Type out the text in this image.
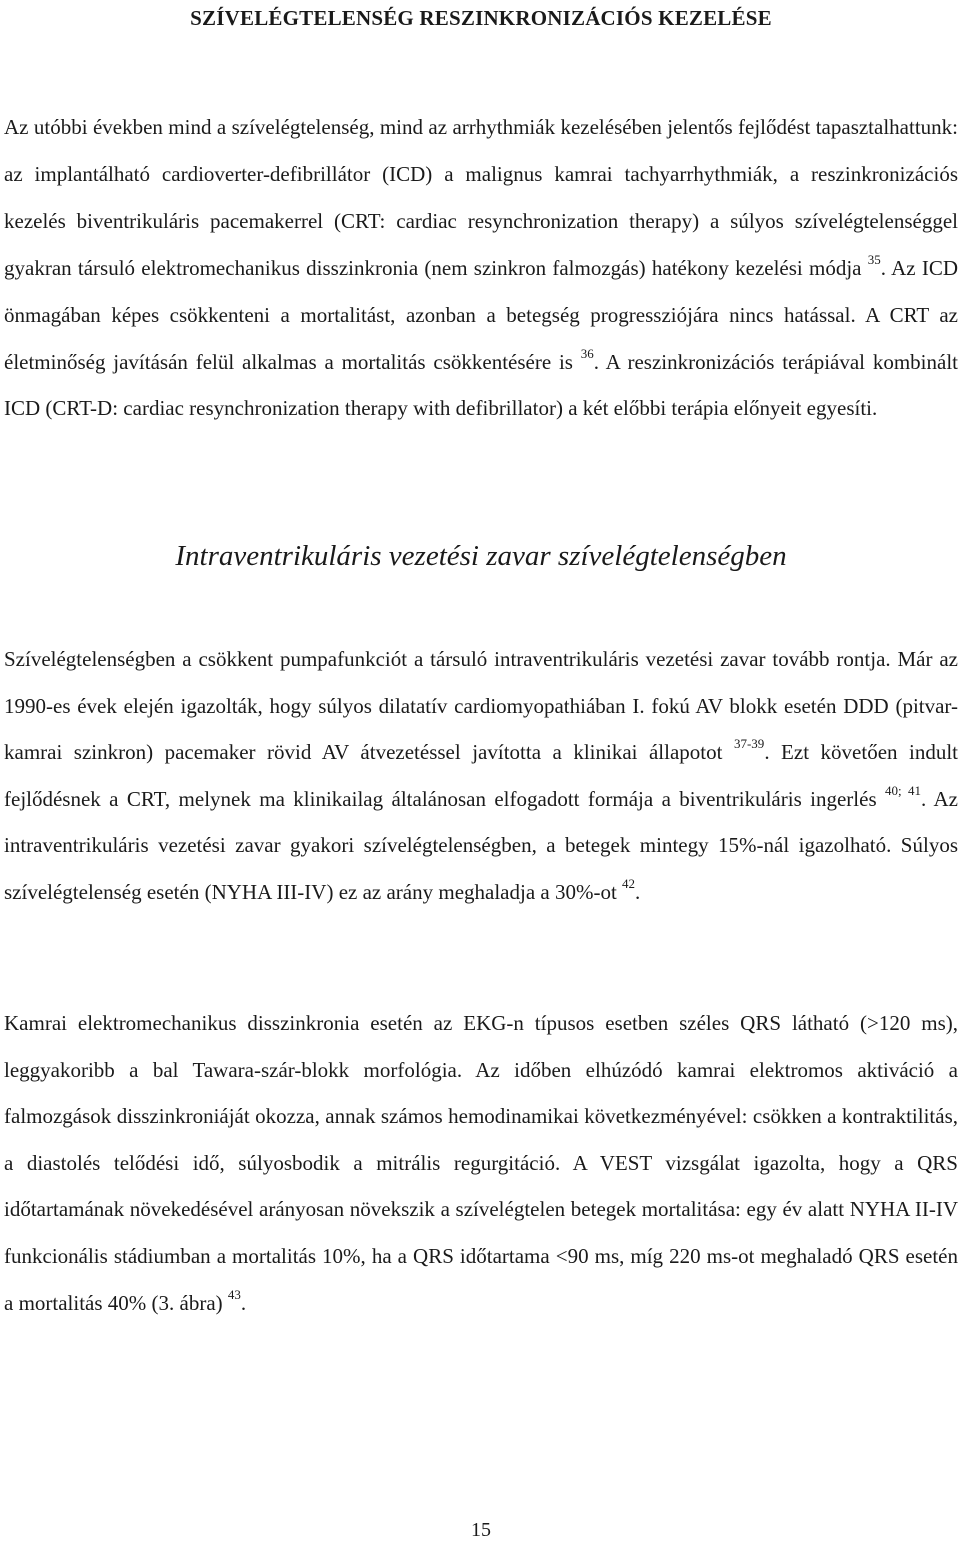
SZÍVELÉGTELENSÉG RESZINKRONIZÁCIÓS KEZELÉSE

Az utóbbi években mind a szívelégtelenség, mind az arrhythmiák kezelésében jelentős fejlődést tapasztalhattunk: az implantálható cardioverter-defibrillátor (ICD) a malignus kamrai tachyarrhythmiák, a reszinkronizációs kezelés biventrikuláris pacemakerrel (CRT: cardiac resynchronization therapy) a súlyos szívelégtelenséggel gyakran társuló elektromechanikus disszinkronia (nem szinkron falmozgás) hatékony kezelési módja $^{35}$. Az ICD önmagában képes csökkenteni a mortalitást, azonban a betegség progressziójára nincs hatással. A CRT az életminőség javításán felül alkalmas a mortalitás csökkentésére is $^{36}$. A reszinkronizációs terápiával kombinált ICD (CRT-D: cardiac resynchronization therapy with defibrillator) a két előbbi terápia előnyeit egyesíti.

Intraventrikuláris vezetési zavar szívelégtelenségben

Szívelégtelenségben a csökkent pumpafunkciót a társuló intraventrikuláris vezetési zavar tovább rontja. Már az 1990-es évek elején igazolták, hogy súlyos dilatatív cardiomyopathiában I. fokú AV blokk esetén DDD (pitvar-kamrai szinkron) pacemaker rövid AV átvezetéssel javította a klinikai állapotot $^{37-39}$. Ezt követően indult fejlődésnek a CRT, melynek ma klinikailag általánosan elfogadott formája a biventrikuláris ingerlés $^{40; 41}$. Az intraventrikuláris vezetési zavar gyakori szívelégtelenségben, a betegek mintegy 15%-nál igazolható. Súlyos szívelégtelenség esetén (NYHA III-IV) ez az arány meghaladja a 30%-ot $^{42}$.

Kamrai elektromechanikus disszinkronia esetén az EKG-n típusos esetben széles QRS látható (>120 ms), leggyakoribb a bal Tawara-szár-blokk morfológia. Az időben elhúzódó kamrai elektromos aktiváció a falmozgások disszinkroniáját okozza, annak számos hemodinamikai következményével: csökken a kontraktilitás, a diastolés telődési idő, súlyosbodik a mitrális regurgitáció. A VEST vizsgálat igazolta, hogy a QRS időtartamának növekedésével arányosan növekszik a szívelégtelen betegek mortalitása: egy év alatt NYHA II-IV funkcionális stádiumban a mortalitás 10%, ha a QRS időtartama <90 ms, míg 220 ms-ot meghaladó QRS esetén a mortalitás 40% (3. ábra) $^{43}$.

15
